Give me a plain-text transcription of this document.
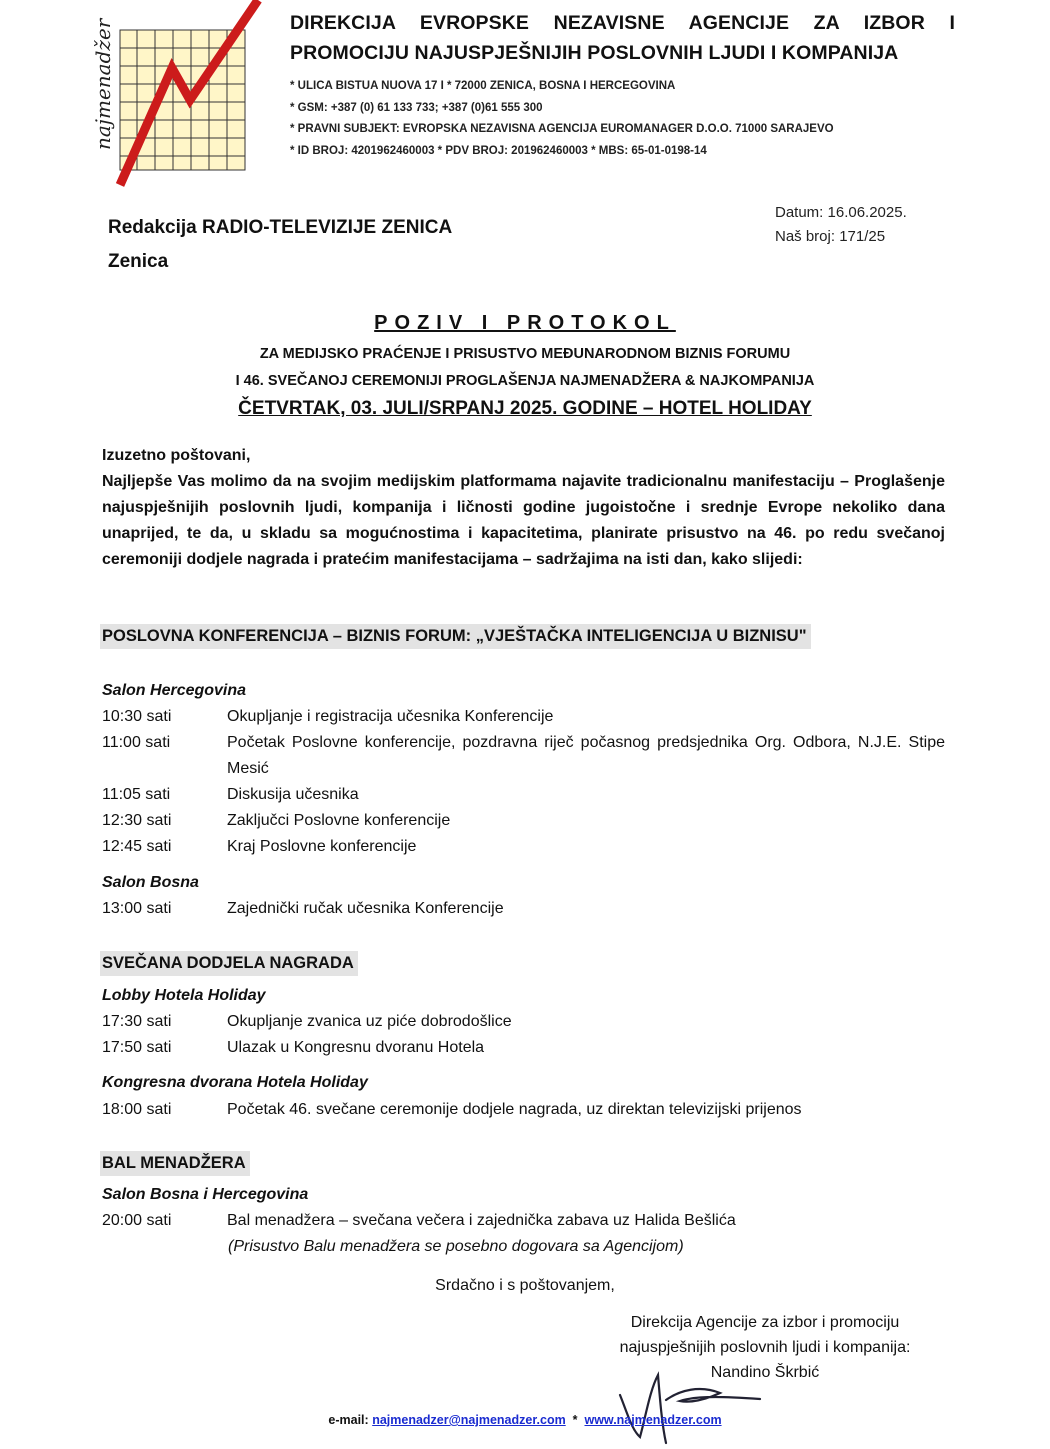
najmenadžer	DIREKCIJA EVROPSKE NEZAVISNE AGENCIJE ZA IZBOR I
PROMOCIJU NAJUSPJEŠNIJIH POSLOVNIH LJUDI I KOMPANIJA
* ULICA BISTUA NUOVA 17 I * 72000 ZENICA, BOSNA I HERCEGOVINA
* GSM: +387 (0) 61 133 733; +387 (0)61 555 300
* PRAVNI SUBJEKT: EVROPSKA NEZAVISNA AGENCIJA EUROMANAGER D.O.O. 71000 SARAJEVO
* ID BROJ: 4201962460003 * PDV BROJ: 201962460003 * MBS: 65-01-0198-14
Redakcija RADIO-TELEVIZIJE ZENICA
Zenica
Datum: 16.06.2025.
Naš broj: 171/25
POZIV I PROTOKOL
ZA MEDIJSKO PRAĆENJE I PRISUSTVO MEĐUNARODNOM BIZNIS FORUMU
I 46. SVEČANOJ CEREMONIJI PROGLAŠENJA NAJMENADŽERA & NAJKOMPANIJA
ČETVRTAK, 03. JULI/SRPANJ 2025. GODINE – HOTEL HOLIDAY
Izuzetno poštovani,
Najljepše Vas molimo da na svojim medijskim platformama najavite tradicionalnu manifestaciju – Proglašenje najuspješnijih poslovnih ljudi, kompanija i ličnosti godine jugoistočne i srednje Evrope nekoliko dana unaprijed, te da, u skladu sa mogućnostima i kapacitetima, planirate prisustvo na 46. po redu svečanoj ceremoniji dodjele nagrada i pratećim manifestacijama – sadržajima na isti dan, kako slijedi:
POSLOVNA KONFERENCIJA – BIZNIS FORUM: „VJEŠTAČKA INTELIGENCIJA U BIZNISU"
Salon Hercegovina
10:30 sati	Okupljanje i registracija učesnika Konferencije
11:00 sati	Početak Poslovne konferencije, pozdravna riječ počasnog predsjednika Org. Odbora, N.J.E. Stipe Mesić
11:05 sati	Diskusija učesnika
12:30 sati	Zaključci Poslovne konferencije
12:45 sati	Kraj Poslovne konferencije
Salon Bosna
13:00 sati	Zajednički ručak učesnika Konferencije
SVEČANA DODJELA NAGRADA
Lobby Hotela Holiday
17:30 sati	Okupljanje zvanica uz piće dobrodošlice
17:50 sati	Ulazak u Kongresnu dvoranu Hotela
Kongresna dvorana Hotela Holiday
18:00 sati	Početak 46. svečane ceremonije dodjele nagrada, uz direktan televizijski prijenos
BAL MENADŽERA
Salon Bosna i Hercegovina
20:00 sati	Bal menadžera – svečana večera i zajednička zabava uz Halida Bešlića
(Prisustvo Balu menadžera se posebno dogovara sa Agencijom)
Srdačno i s poštovanjem,
Direkcija Agencije za izbor i promociju
najuspješnijih poslovnih ljudi i kompanija:
Nandino Škrbić
e-mail: najmenadzer@najmenadzer.com * www.najmenadzer.com
